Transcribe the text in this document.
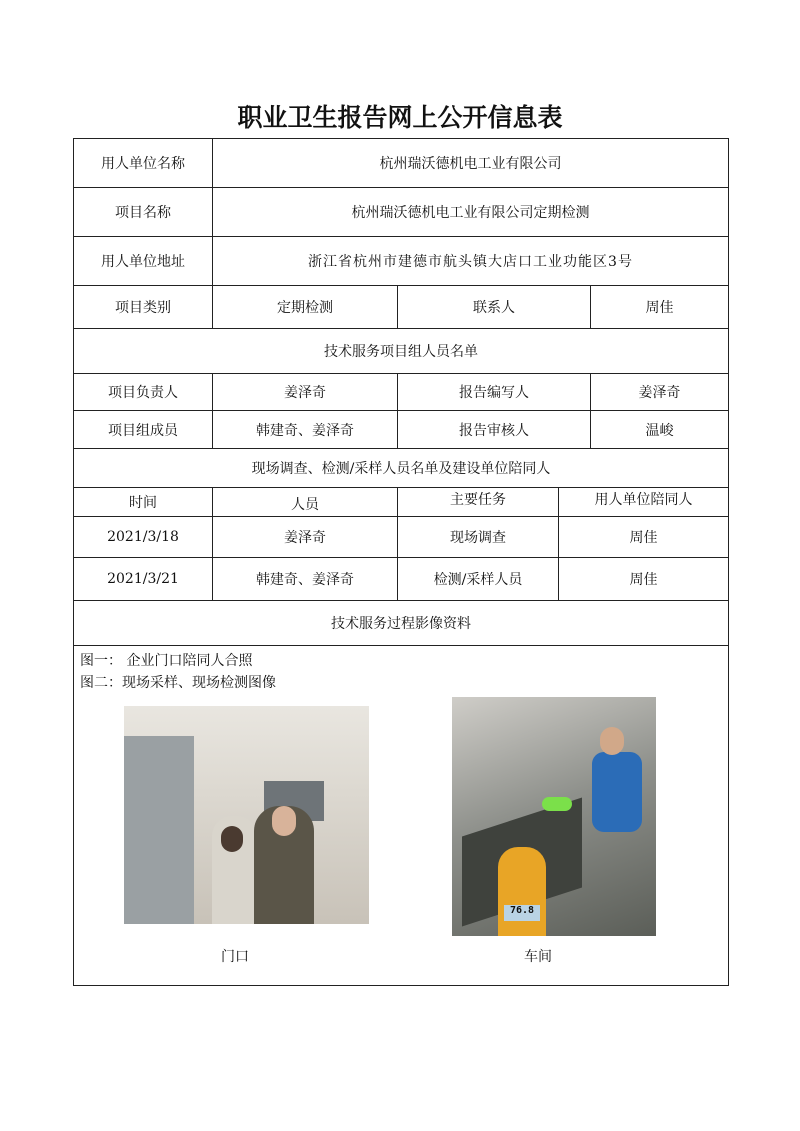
职业卫生报告网上公开信息表
用人单位名称	杭州瑞沃德机电工业有限公司
项目名称	杭州瑞沃德机电工业有限公司定期检测
用人单位地址	浙江省杭州市建德市航头镇大店口工业功能区3号
项目类别	定期检测	联系人	周佳
技术服务项目组人员名单
项目负责人	姜泽奇	报告编写人	姜泽奇
项目组成员	韩建奇、姜泽奇	报告审核人	温峻
现场调查、检测/采样人员名单及建设单位陪同人
时间	人员	主要任务	用人单位陪同人
2021/3/18	姜泽奇	现场调查	周佳
2021/3/21	韩建奇、姜泽奇	检测/采样人员	周佳
技术服务过程影像资料
图一： 企业门口陪同人合照
图二：现场采样、现场检测图像
76.8
门口	车间
